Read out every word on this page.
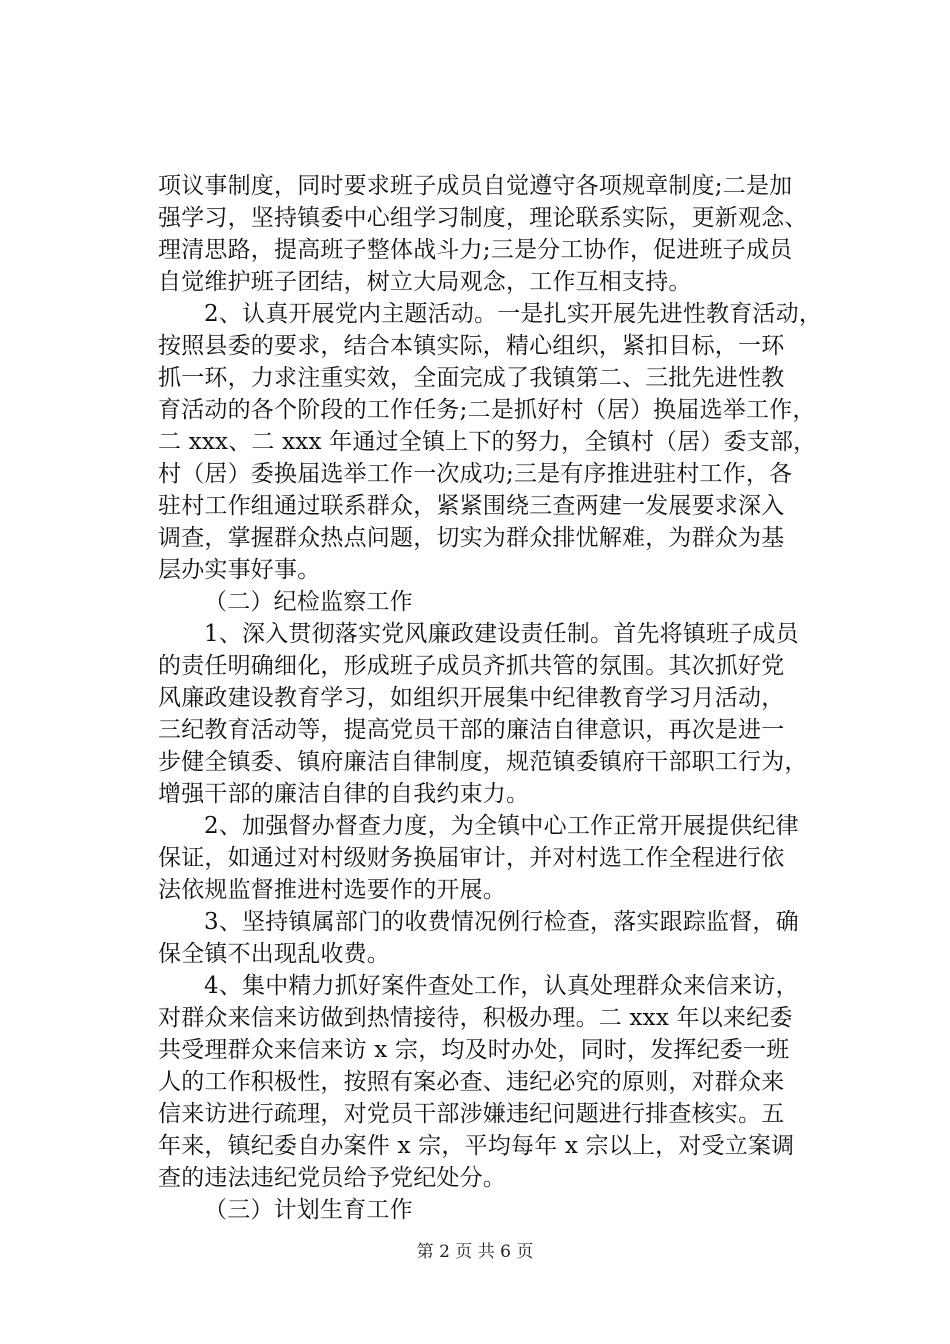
项议事制度，同时要求班子成员自觉遵守各项规章制度;二是加
强学习，坚持镇委中心组学习制度，理论联系实际，更新观念、
理清思路，提高班子整体战斗力;三是分工协作，促进班子成员
自觉维护班子团结，树立大局观念，工作互相支持。
2、认真开展党内主题活动。一是扎实开展先进性教育活动，
按照县委的要求，结合本镇实际，精心组织，紧扣目标，一环
抓一环，力求注重实效，全面完成了我镇第二、三批先进性教
育活动的各个阶段的工作任务;二是抓好村（居）换届选举工作，
二 xxx、二 xxx 年通过全镇上下的努力，全镇村（居）委支部，
村（居）委换届选举工作一次成功;三是有序推进驻村工作，各
驻村工作组通过联系群众，紧紧围绕三查两建一发展要求深入
调查，掌握群众热点问题，切实为群众排忧解难，为群众为基
层办实事好事。
（二）纪检监察工作
1、深入贯彻落实党风廉政建设责任制。首先将镇班子成员
的责任明确细化，形成班子成员齐抓共管的氛围。其次抓好党
风廉政建设教育学习，如组织开展集中纪律教育学习月活动，
三纪教育活动等，提高党员干部的廉洁自律意识，再次是进一
步健全镇委、镇府廉洁自律制度，规范镇委镇府干部职工行为，
增强干部的廉洁自律的自我约束力。
2、加强督办督查力度，为全镇中心工作正常开展提供纪律
保证，如通过对村级财务换届审计，并对村选工作全程进行依
法依规监督推进村选要作的开展。
3、坚持镇属部门的收费情况例行检查，落实跟踪监督，确
保全镇不出现乱收费。
4、集中精力抓好案件查处工作，认真处理群众来信来访，
对群众来信来访做到热情接待，积极办理。二 xxx 年以来纪委
共受理群众来信来访 x 宗，均及时办处，同时，发挥纪委一班
人的工作积极性，按照有案必查、违纪必究的原则，对群众来
信来访进行疏理，对党员干部涉嫌违纪问题进行排查核实。五
年来，镇纪委自办案件 x 宗，平均每年 x 宗以上，对受立案调
查的违法违纪党员给予党纪处分。
（三）计划生育工作
第 2 页 共 6 页
